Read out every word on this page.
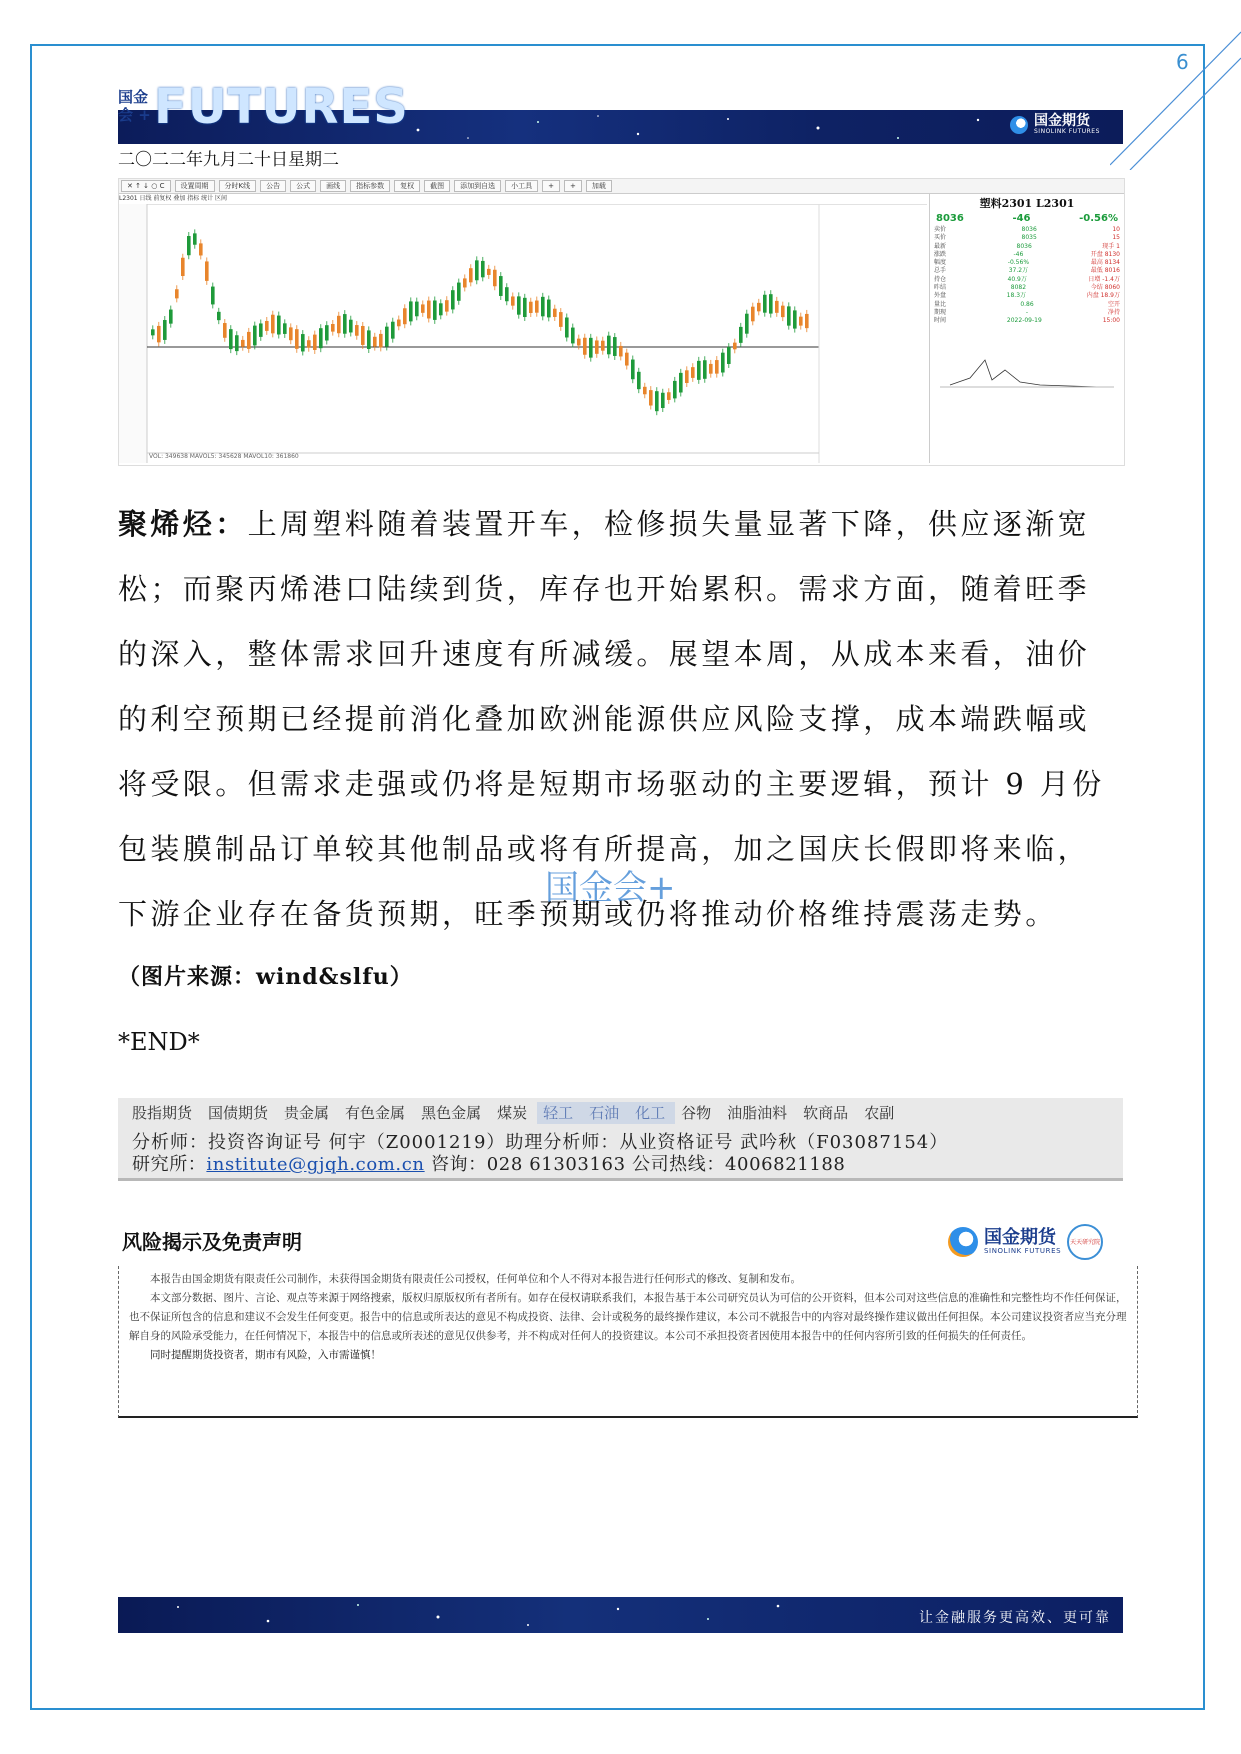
6
国金
会 + FUTURES	国金期货
SINOLINK FUTURES
二〇二二年九月二十日星期二
✕ ↑ ↓ ○ C 设置周期 分时K线 公告 公式 画线 指标参数 复权 截图 添加到自选 小工具 + + 加载
L2301 日线 前复权 叠加 指标 统计 区间
VOL: 349638 MAVOL5: 345628 MAVOL10: 361860
塑料2301 L2301
8036	-46	-0.56%
卖价	8036	10
买价	8035	15
最新	8036	现手 1
涨跌	-46	开盘 8130
幅度	-0.56%	最高 8134
总手	37.2万	最低 8016
持仓	40.9万	日增 -1.4万
昨结	8082	今结 8060
外盘	18.3万	内盘 18.9万
量比	0.86	空开
期现	-	净持
时间	2022-09-19	15:00
聚烯烃：上周塑料随着装置开车，检修损失量显著下降，供应逐渐宽松；而聚丙烯港口陆续到货，库存也开始累积。需求方面，随着旺季的深入，整体需求回升速度有所减缓。展望本周，从成本来看，油价的利空预期已经提前消化叠加欧洲能源供应风险支撑，成本端跌幅或将受限。但需求走强或仍将是短期市场驱动的主要逻辑，预计 9 月份包装膜制品订单较其他制品或将有所提高，加之国庆长假即将来临，下游企业存在备货预期，旺季预期或仍将推动价格维持震荡走势。
国金会+
（图片来源：wind&slfu）
*END*
股指期货	国债期货	贵金属	有色金属	黑色金属	煤炭	轻工	石油	化工	谷物	油脂油料	软商品	农副
分析师：投资咨询证号 何宇（Z0001219）助理分析师：从业资格证号 武吟秋（F03087154）
研究所：institute@gjqh.com.cn 咨询：028 61303163 公司热线：4006821188
风险揭示及免责声明	国金期货
SINOLINK FUTURES
天天研究院

本报告由国金期货有限责任公司制作，未获得国金期货有限责任公司授权，任何单位和个人不得对本报告进行任何形式的修改、复制和发布。

本文部分数据、图片、言论、观点等来源于网络搜索，版权归原版权所有者所有。如存在侵权请联系我们，本报告基于本公司研究员认为可信的公开资料，但本公司对这些信息的准确性和完整性均不作任何保证，也不保证所包含的信息和建议不会发生任何变更。报告中的信息或所表达的意见不构成投资、法律、会计或税务的最终操作建议，本公司不就报告中的内容对最终操作建议做出任何担保。本公司建议投资者应当充分理解自身的风险承受能力，在任何情况下，本报告中的信息或所表述的意见仅供参考，并不构成对任何人的投资建议。本公司不承担投资者因使用本报告中的任何内容所引致的任何损失的任何责任。

同时提醒期货投资者，期市有风险，入市需谨慎！

让金融服务更高效、更可靠
